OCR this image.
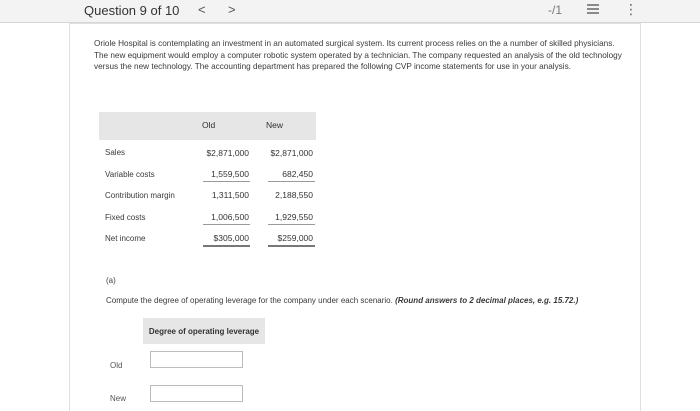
Question 9 of 10 < >	-/1	⋮
Oriole Hospital is contemplating an investment in an automated surgical system. Its current process relies on the a number of skilled physicians. The new equipment would employ a computer robotic system operated by a technician. The company requested an analysis of the old technology versus the new technology. The accounting department has prepared the following CVP income statements for use in your analysis.
Old	New
Sales	$2,871,000	$2,871,000
Variable costs	1,559,500	682,450
Contribution margin	1,311,500	2,188,550
Fixed costs	1,006,500	1,929,550
Net income	$305,000	$259,000
(a)
Compute the degree of operating leverage for the company under each scenario. (Round answers to 2 decimal places, e.g. 15.72.)
Degree of operating leverage
Old
New
